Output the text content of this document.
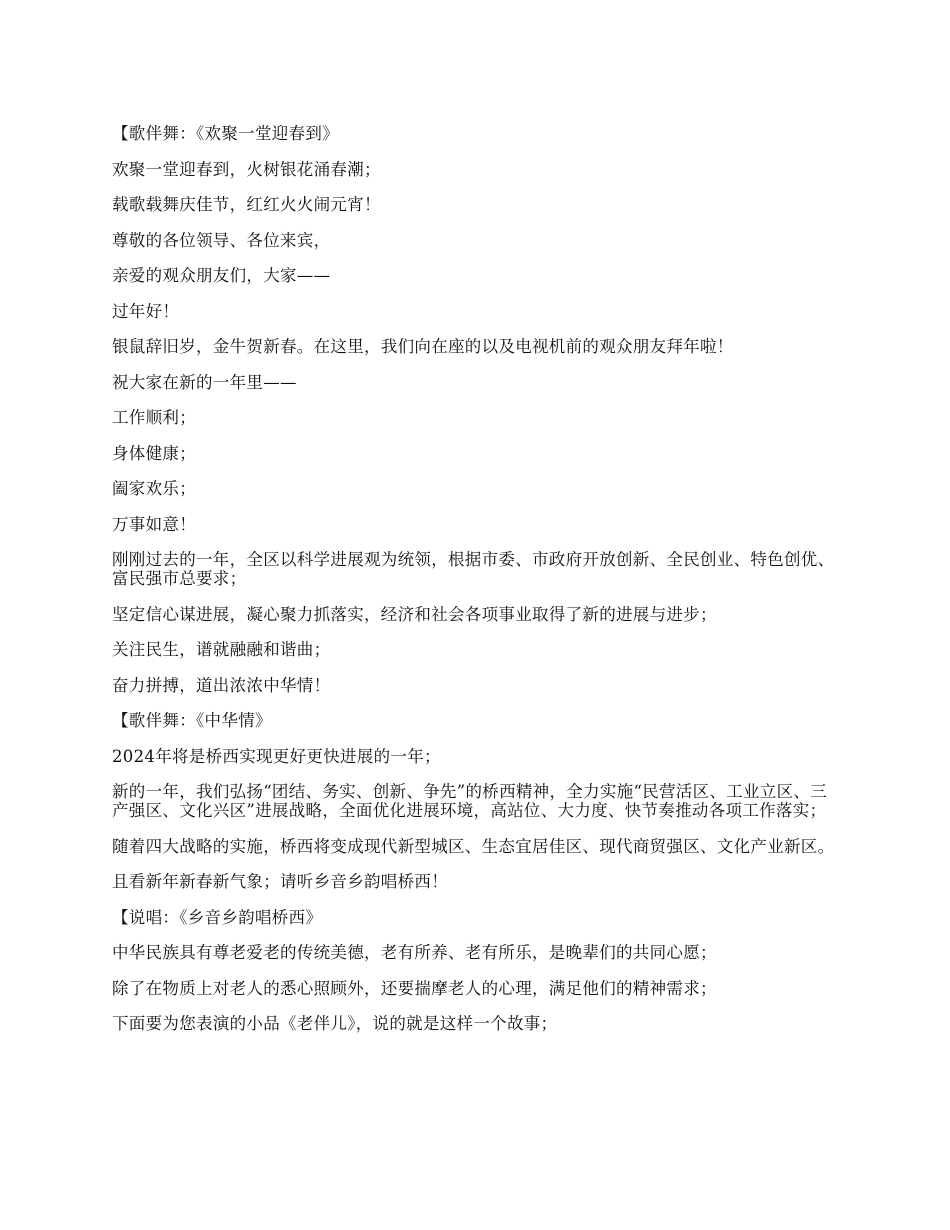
【歌伴舞：《欢聚一堂迎春到》

欢聚一堂迎春到，火树银花涌春潮；

载歌载舞庆佳节，红红火火闹元宵！

尊敬的各位领导、各位来宾，

亲爱的观众朋友们，大家——

过年好！

银鼠辞旧岁，金牛贺新春。在这里，我们向在座的以及电视机前的观众朋友拜年啦！

祝大家在新的一年里——

工作顺利；

身体健康；

阖家欢乐；

万事如意！

刚刚过去的一年，全区以科学进展观为统领，根据市委、市政府开放创新、全民创业、特色创优、富民强市总要求；

坚定信心谋进展，凝心聚力抓落实，经济和社会各项事业取得了新的进展与进步；

关注民生，谱就融融和谐曲；

奋力拼搏，道出浓浓中华情！

【歌伴舞：《中华情》

2024年将是桥西实现更好更快进展的一年；

新的一年，我们弘扬“团结、务实、创新、争先”的桥西精神，全力实施“民营活区、工业立区、三产强区、文化兴区”进展战略，全面优化进展环境，高站位、大力度、快节奏推动各项工作落实；

随着四大战略的实施，桥西将变成现代新型城区、生态宜居佳区、现代商贸强区、文化产业新区。

且看新年新春新气象；请听乡音乡韵唱桥西！

【说唱：《乡音乡韵唱桥西》

中华民族具有尊老爱老的传统美德，老有所养、老有所乐，是晚辈们的共同心愿；

除了在物质上对老人的悉心照顾外，还要揣摩老人的心理，满足他们的精神需求；

下面要为您表演的小品《老伴儿》，说的就是这样一个故事；
